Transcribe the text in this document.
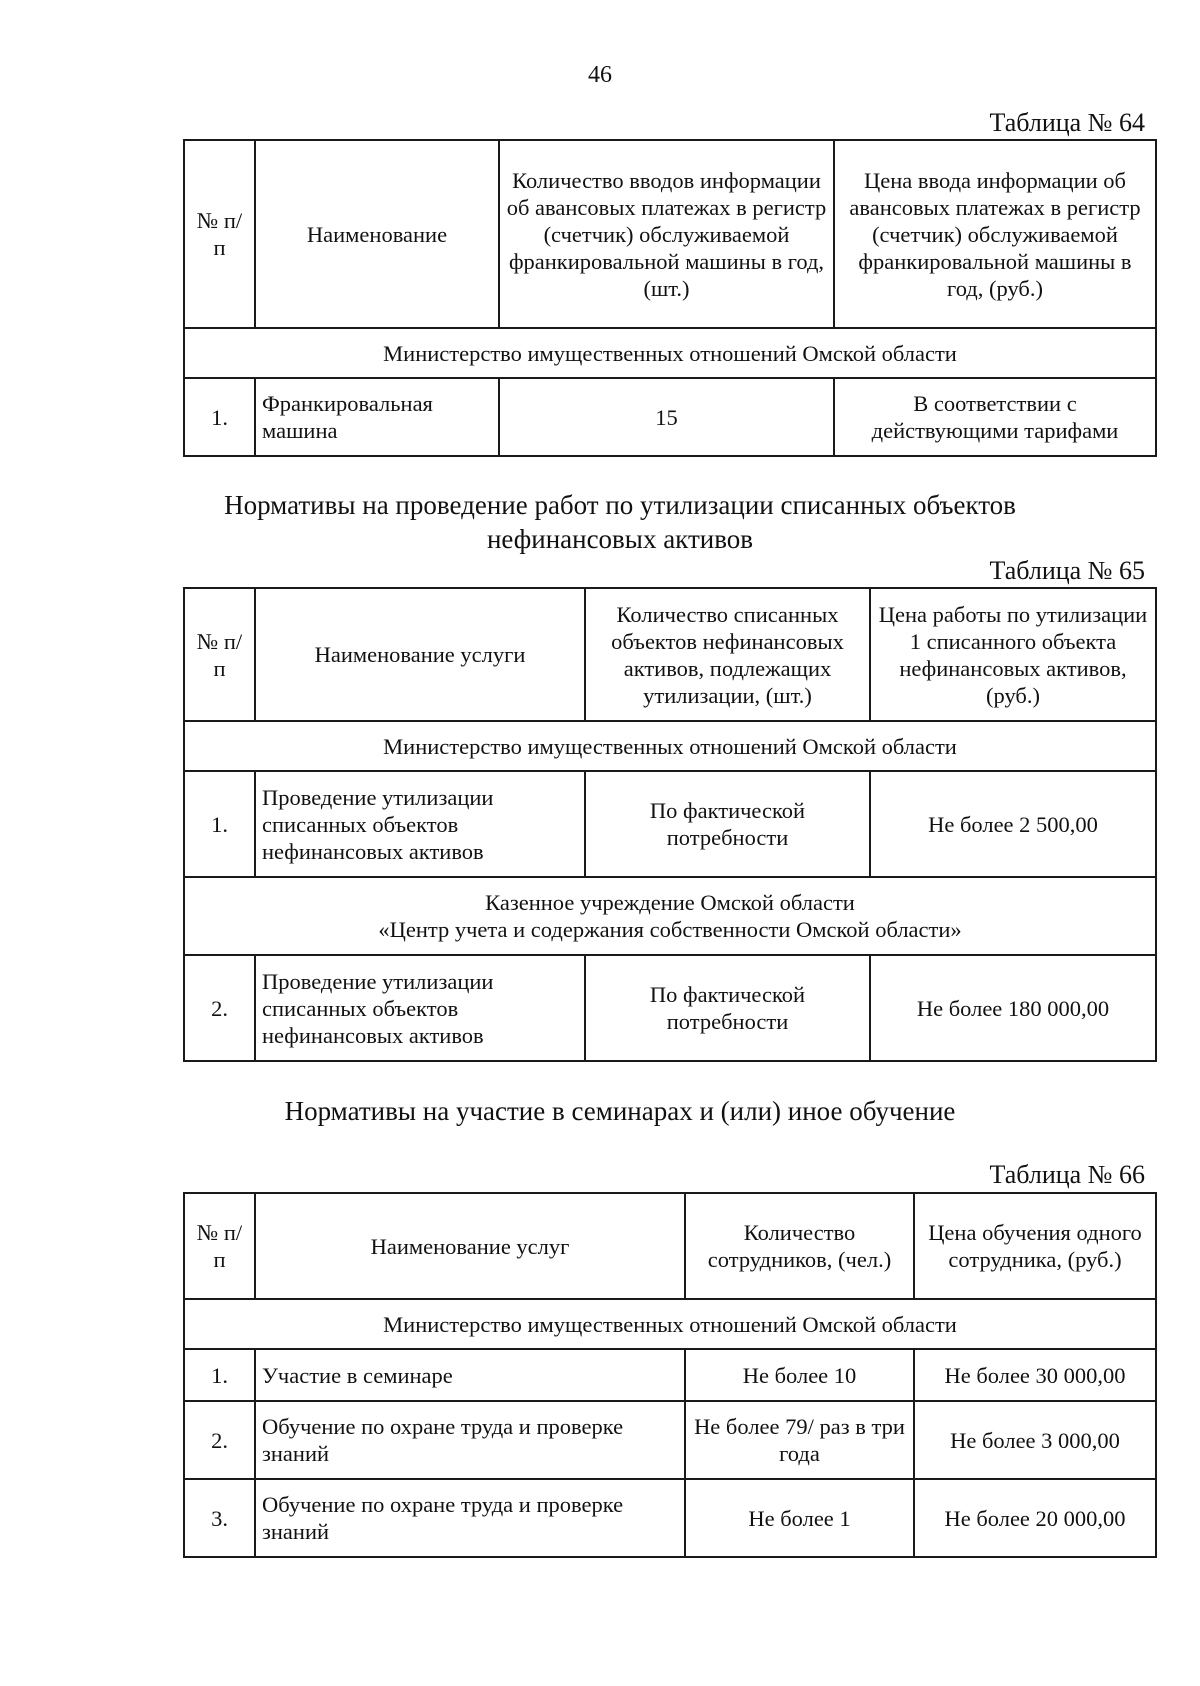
46
Таблица № 64
№ п/п	Наименование	Количество вводов информации об авансовых платежах в регистр (счетчик) обслуживаемой франкировальной машины в год, (шт.)	Цена ввода информации об авансовых платежах в регистр (счетчик) обслуживаемой франкировальной машины в год, (руб.)
Министерство имущественных отношений Омской области			
1.	Франкировальная машина	15	В соответствии с действующими тарифами
Нормативы на проведение работ по утилизации списанных объектов нефинансовых активов
Таблица № 65
№ п/п	Наименование услуги	Количество списанных объектов нефинансовых активов, подлежащих утилизации, (шт.)	Цена работы по утилизации 1 списанного объекта нефинансовых активов, (руб.)
Министерство имущественных отношений Омской области			
1.	Проведение утилизации списанных объектов нефинансовых активов	По фактической потребности	Не более 2 500,00

Казенное учреждение Омской области
«Центр учета и содержания собственности Омской области»			

2.	Проведение утилизации списанных объектов нефинансовых активов	По фактической потребности	Не более 180 000,00
Нормативы на участие в семинарах и (или) иное обучение
Таблица № 66
№ п/п	Наименование услуг	Количество сотрудников, (чел.)	Цена обучения одного сотрудника, (руб.)
Министерство имущественных отношений Омской области			
1.	Участие в семинаре	Не более 10	Не более 30 000,00
2.	Обучение по охране труда и проверке знаний	Не более 79/ раз в три года	Не более 3 000,00
3.	Обучение по охране труда и проверке знаний	Не более 1	Не более 20 000,00
